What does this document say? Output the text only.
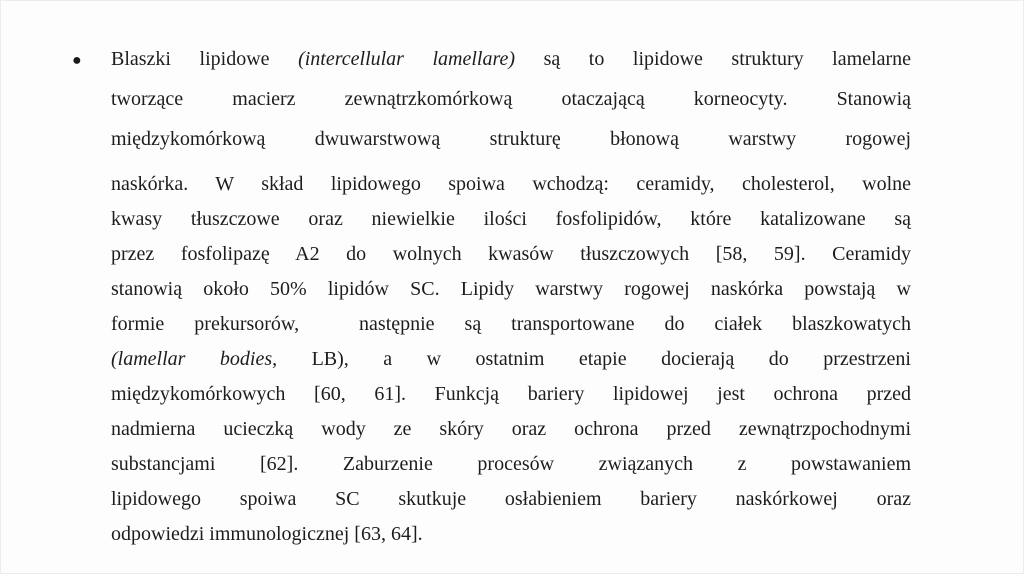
● Blaszki lipidowe (intercellular lamellare) są to lipidowe struktury lamelarne
tworzące macierz zewnątrzkomórkową otaczającą korneocyty. Stanowią
międzykomórkową dwuwarstwową strukturę błonową warstwy rogowej
naskórka. W skład lipidowego spoiwa wchodzą: ceramidy, cholesterol, wolne
kwasy tłuszczowe oraz niewielkie ilości fosfolipidów, które katalizowane są
przez fosfolipazę A2 do wolnych kwasów tłuszczowych [58, 59]. Ceramidy
stanowią około 50% lipidów SC. Lipidy warstwy rogowej naskórka powstają w
formie prekursorów,  następnie są transportowane do ciałek blaszkowatych
(lamellar bodies, LB), a w ostatnim etapie docierają do przestrzeni
międzykomórkowych [60, 61]. Funkcją bariery lipidowej jest ochrona przed
nadmierna ucieczką wody ze skóry oraz ochrona przed zewnątrzpochodnymi
substancjami [62]. Zaburzenie procesów związanych z powstawaniem
lipidowego spoiwa SC skutkuje osłabieniem bariery naskórkowej oraz
odpowiedzi immunologicznej [63, 64].
